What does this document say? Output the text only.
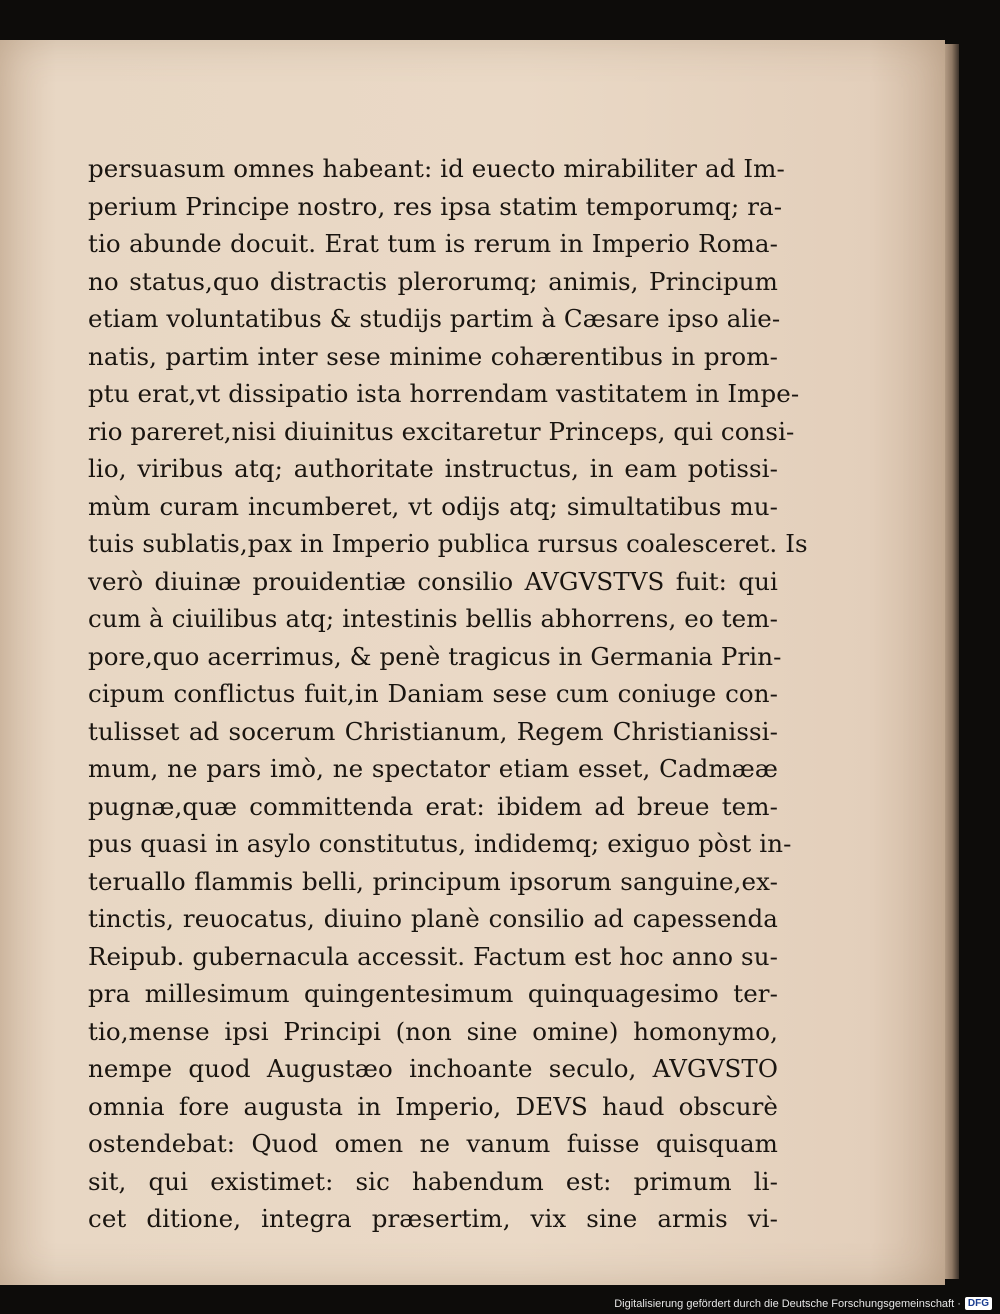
persuasum omnes habeant: id euecto mirabiliter ad Im-
perium Principe nostro, res ipsa statim temporumq; ra-
tio abunde docuit. Erat tum is rerum in Imperio Roma-
no status,quo distractis plerorumq; animis, Principum
etiam voluntatibus & studijs partim à Cæsare ipso alie-
natis, partim inter sese minime cohærentibus in prom-
ptu erat,vt dissipatio ista horrendam vastitatem in Impe-
rio pareret,nisi diuinitus excitaretur Princeps, qui consi-
lio, viribus atq; authoritate instructus, in eam potissi-
mùm curam incumberet, vt odijs atq; simultatibus mu-
tuis sublatis,pax in Imperio publica rursus coalesceret. Is
verò diuinæ prouidentiæ consilio AVGVSTVS fuit: qui
cum à ciuilibus atq; intestinis bellis abhorrens, eo tem-
pore,quo acerrimus, & penè tragicus in Germania Prin-
cipum conflictus fuit,in Daniam sese cum coniuge con-
tulisset ad socerum Christianum, Regem Christianissi-
mum, ne pars imò, ne spectator etiam esset, Cadmææ
pugnæ,quæ committenda erat: ibidem ad breue tem-
pus quasi in asylo constitutus, indidemq; exiguo pòst in-
teruallo flammis belli, principum ipsorum sanguine,ex-
tinctis, reuocatus, diuino planè consilio ad capessenda
Reipub. gubernacula accessit. Factum est hoc anno su-
pra millesimum quingentesimum quinquagesimo ter-
tio,mense ipsi Principi (non sine omine) homonymo,
nempe quod Augustæo inchoante seculo, AVGVSTO
omnia fore augusta in Imperio, DEVS haud obscurè
ostendebat: Quod omen ne vanum fuisse quisquam
sit, qui existimet: sic habendum est: primum li-
cet ditione, integra præsertim, vix sine armis vi-
Digitalisierung gefördert durch die Deutsche Forschungsgemeinschaft · DFG
